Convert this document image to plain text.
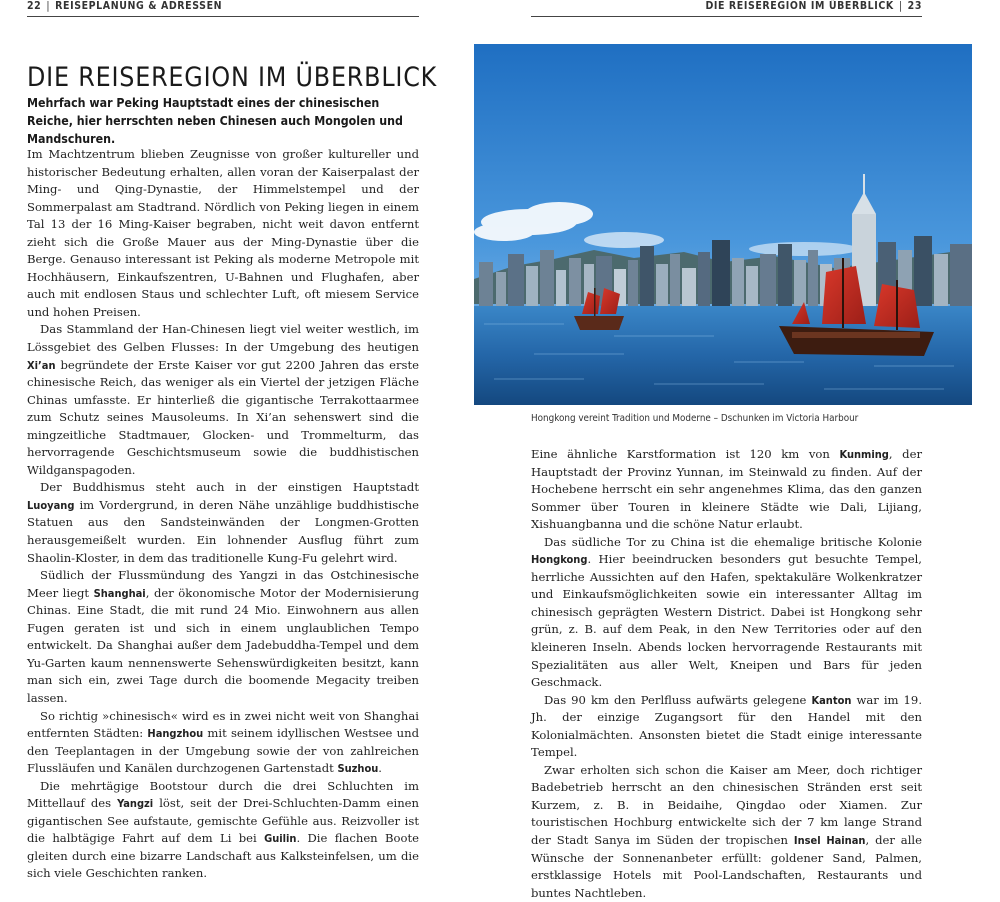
22 | REISEPLANUNG & ADRESSEN	DIE REISEREGION IM ÜBERBLICK | 23
DIE REISEREGION IM ÜBERBLICK
Mehrfach war Peking Hauptstadt eines der chinesischen Reiche, hier herrschten neben Chinesen auch Mongolen und Mandschuren.

Im Machtzentrum blieben Zeugnisse von großer kultureller und historischer Bedeutung erhalten, allen voran der Kaiserpalast der Ming- und Qing-Dynastie, der Himmelstempel und der Sommerpalast am Stadtrand. Nördlich von Peking liegen in einem Tal 13 der 16 Ming-Kaiser begraben, nicht weit davon entfernt zieht sich die Große Mauer aus der Ming-Dynastie über die Berge. Genauso interessant ist Peking als moderne Metropole mit Hochhäusern, Einkaufszentren, U-Bahnen und Flughafen, aber auch mit endlosen Staus und schlechter Luft, oft miesem Service und hohen Preisen.

Das Stammland der Han-Chinesen liegt viel weiter westlich, im Lössgebiet des Gelben Flusses: In der Umgebung des heutigen Xi’an begründete der Erste Kaiser vor gut 2200 Jahren das erste chinesische Reich, das weniger als ein Viertel der jetzigen Fläche Chinas umfasste. Er hinterließ die gigantische Terrakottaarmee zum Schutz seines Mausoleums. In Xi’an sehenswert sind die mingzeitliche Stadtmauer, Glocken- und Trommelturm, das hervorragende Geschichtsmuseum sowie die buddhistischen Wildganspagoden.

Der Buddhismus steht auch in der einstigen Hauptstadt Luoyang im Vordergrund, in deren Nähe unzählige buddhistische Statuen aus den Sandsteinwänden der Longmen-Grotten herausgemeißelt wurden. Ein lohnender Ausflug führt zum Shaolin-Kloster, in dem das traditionelle Kung-Fu gelehrt wird.

Südlich der Flussmündung des Yangzi in das Ostchinesische Meer liegt Shanghai, der ökonomische Motor der Modernisierung Chinas. Eine Stadt, die mit rund 24 Mio. Einwohnern aus allen Fugen geraten ist und sich in einem unglaublichen Tempo entwickelt. Da Shanghai außer dem Jadebuddha-Tempel und dem Yu-Garten kaum nennenswerte Sehenswürdigkeiten besitzt, kann man sich ein, zwei Tage durch die boomende Megacity treiben lassen.

So richtig »chinesisch« wird es in zwei nicht weit von Shanghai entfernten Städten: Hangzhou mit seinem idyllischen Westsee und den Teeplantagen in der Umgebung sowie der von zahlreichen Flussläufen und Kanälen durchzogenen Gartenstadt Suzhou.

Die mehrtägige Bootstour durch die drei Schluchten im Mittellauf des Yangzi löst, seit der Drei-Schluchten-Damm einen gigantischen See aufstaute, gemischte Gefühle aus. Reizvoller ist die halbtägige Fahrt auf dem Li bei Guilin. Die flachen Boote gleiten durch eine bizarre Landschaft aus Kalksteinfelsen, um die sich viele Geschichten ranken.

Eine ähnliche Karstformation ist 120 km von Kunming, der Hauptstadt der Provinz Yunnan, im Steinwald zu finden. Auf der Hochebene herrscht ein sehr angenehmes Klima, das den ganzen Sommer über Touren in kleinere Städte wie Dali, Lijiang, Xishuangbanna und die schöne Natur erlaubt.

Das südliche Tor zu China ist die ehemalige britische Kolonie Hongkong. Hier beeindrucken besonders gut besuchte Tempel, herrliche Aussichten auf den Hafen, spektakuläre Wolkenkratzer und Einkaufsmöglichkeiten sowie ein interessanter Alltag im chinesisch geprägten Western District. Dabei ist Hongkong sehr grün, z. B. auf dem Peak, in den New Territories oder auf den kleineren Inseln. Abends locken hervorragende Restaurants mit Spezialitäten aus aller Welt, Kneipen und Bars für jeden Geschmack.

Das 90 km den Perlfluss aufwärts gelegene Kanton war im 19. Jh. der einzige Zugangsort für den Handel mit den Kolonialmächten. Ansonsten bietet die Stadt einige interessante Tempel.

Zwar erholten sich schon die Kaiser am Meer, doch richtiger Badebetrieb herrscht an den chinesischen Stränden erst seit Kurzem, z. B. in Beidaihe, Qingdao oder Xiamen. Zur touristischen Hochburg entwickelte sich der 7 km lange Strand der Stadt Sanya im Süden der tropischen Insel Hainan, der alle Wünsche der Sonnenanbeter erfüllt: goldener Sand, Palmen, erstklassige Hotels mit Pool-Landschaften, Restaurants und buntes Nachtleben.

Hongkong vereint Tradition und Moderne – Dschunken im Victoria Harbour
